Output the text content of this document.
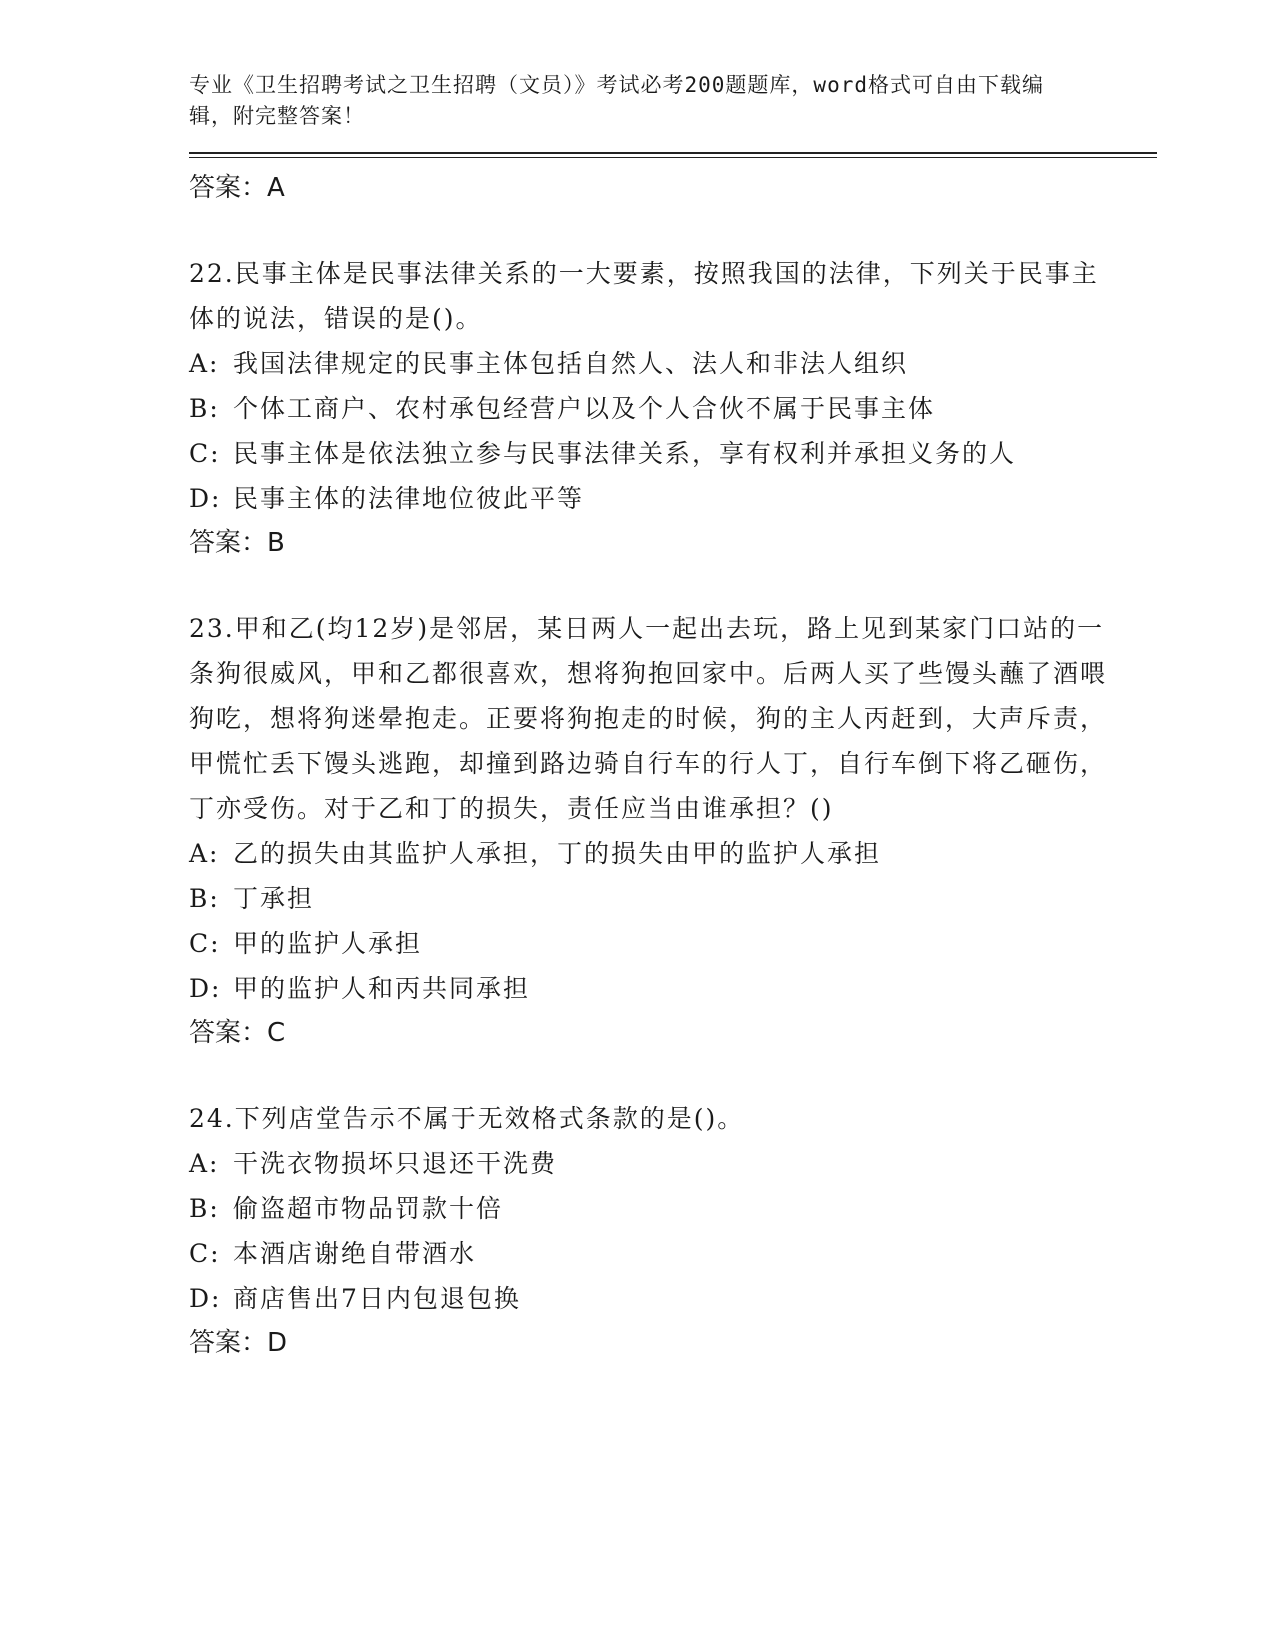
专业《卫生招聘考试之卫生招聘（文员）》考试必考200题题库，word格式可自由下载编辑，附完整答案！
答案：A
22.民事主体是民事法律关系的一大要素，按照我国的法律，下列关于民事主体的说法，错误的是()。
A: 我国法律规定的民事主体包括自然人、法人和非法人组织
B: 个体工商户、农村承包经营户以及个人合伙不属于民事主体
C: 民事主体是依法独立参与民事法律关系，享有权利并承担义务的人
D: 民事主体的法律地位彼此平等
答案：B
23.甲和乙(均12岁)是邻居，某日两人一起出去玩，路上见到某家门口站的一条狗很威风，甲和乙都很喜欢，想将狗抱回家中。后两人买了些馒头蘸了酒喂狗吃，想将狗迷晕抱走。正要将狗抱走的时候，狗的主人丙赶到，大声斥责，甲慌忙丢下馒头逃跑，却撞到路边骑自行车的行人丁，自行车倒下将乙砸伤，丁亦受伤。对于乙和丁的损失，责任应当由谁承担？()
A: 乙的损失由其监护人承担，丁的损失由甲的监护人承担
B: 丁承担
C: 甲的监护人承担
D: 甲的监护人和丙共同承担
答案：C
24.下列店堂告示不属于无效格式条款的是()。
A: 干洗衣物损坏只退还干洗费
B: 偷盗超市物品罚款十倍
C: 本酒店谢绝自带酒水
D: 商店售出7日内包退包换
答案：D
